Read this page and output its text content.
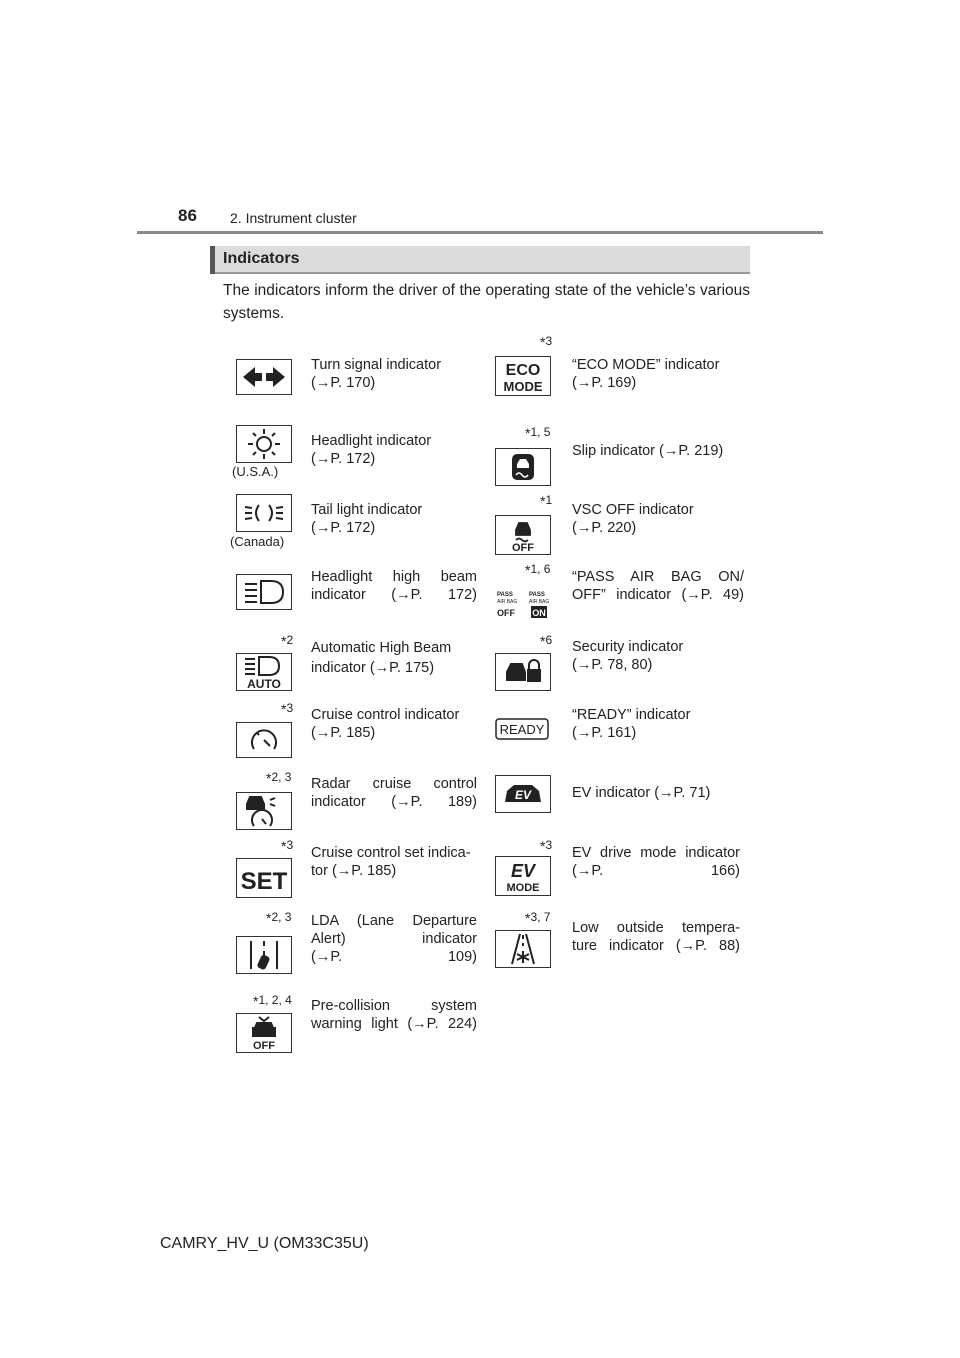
86 2. Instrument cluster
Indicators
The indicators inform the driver of the operating state of the vehicle’s various systems.
Turn signal indicator
(→P. 170)
(U.S.A.)
Headlight indicator
(→P. 172)
(Canada)
Tail light indicator
(→P. 172)
Headlight high beam
indicator (→P. 172)
*2
AUTO
Automatic High Beam
indicator (→P. 175)
*3 Cruise control indicator
(→P. 185)
*2, 3 Radar cruise control
indicator (→P. 189)
*3
SET
Cruise control set indica-
tor (→P. 185)
*2, 3 LDA (Lane Departure
Alert) indicator
(→P. 109)
*1, 2, 4
OFF
Pre-collision system
warning light (→P. 224)
*3
ECO
MODE
“ECO MODE” indicator
(→P. 169)
*1, 5
Slip indicator (→P. 219)
*1
OFF
VSC OFF indicator
(→P. 220)
*1, 6
PASS
AIR BAG
OFF
PASS
AIR BAG
ON
“PASS AIR BAG ON/
OFF” indicator (→P. 49)
*6 Security indicator
(→P. 78, 80)
READY
“READY” indicator
(→P. 161)
EV	EV indicator (→P. 71)
*3
EV
MODE
EV drive mode indicator
(→P. 166)
*3, 7
Low outside tempera-
ture indicator (→P. 88)
CAMRY_HV_U (OM33C35U)
